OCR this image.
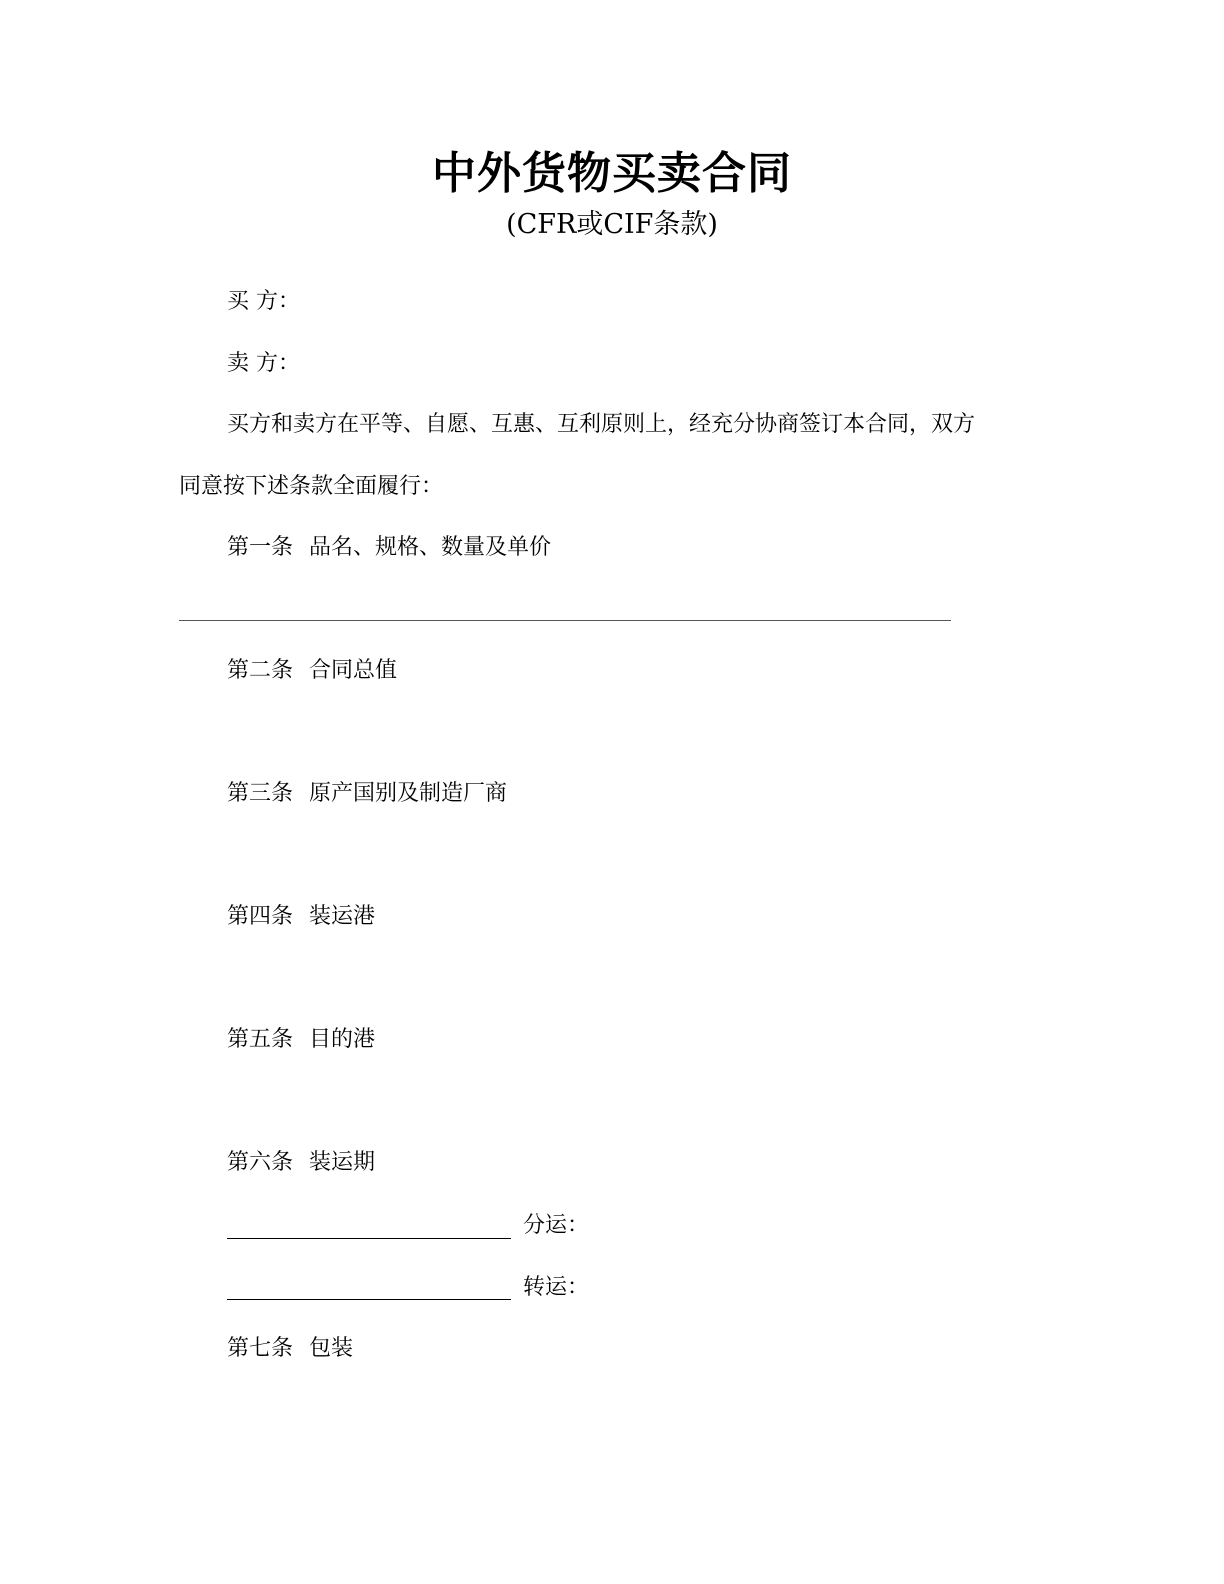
中外货物买卖合同
(CFR或CIF条款)
买 方：
卖 方：
买方和卖方在平等、自愿、互惠、互利原则上，经充分协商签订本合同，双方
同意按下述条款全面履行：
第一条 品名、规格、数量及单价
第二条 合同总值
第三条 原产国别及制造厂商
第四条 装运港
第五条 目的港
第六条 装运期
分运：
转运：
第七条 包装
